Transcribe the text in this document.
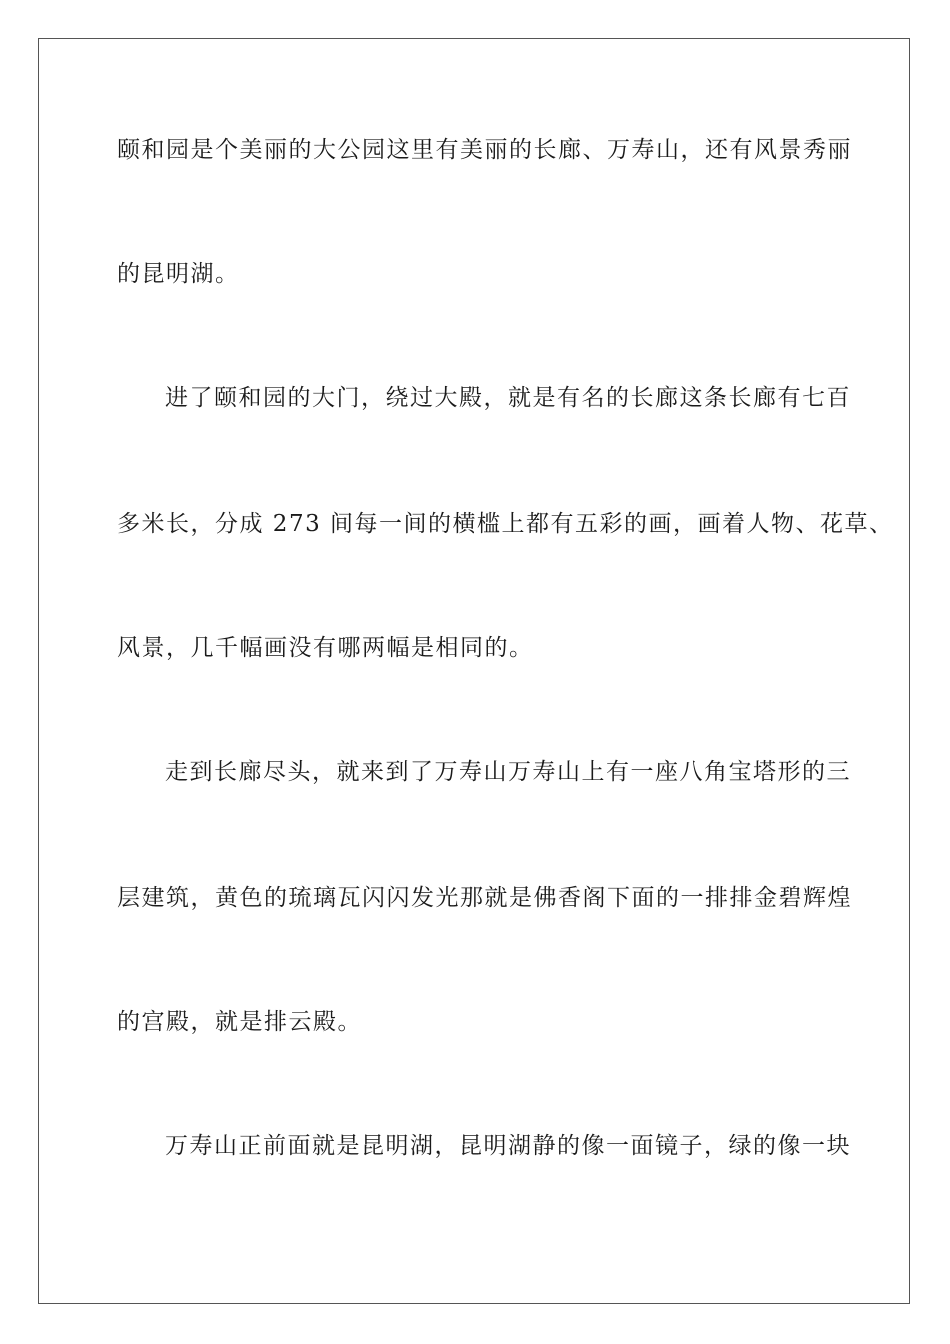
颐和园是个美丽的大公园这里有美丽的长廊、万寿山，还有风景秀丽
的昆明湖。
进了颐和园的大门，绕过大殿，就是有名的长廊这条长廊有七百
多米长，分成 273 间每一间的横槛上都有五彩的画，画着人物、花草、
风景，几千幅画没有哪两幅是相同的。
走到长廊尽头，就来到了万寿山万寿山上有一座八角宝塔形的三
层建筑，黄色的琉璃瓦闪闪发光那就是佛香阁下面的一排排金碧辉煌
的宫殿，就是排云殿。
万寿山正前面就是昆明湖，昆明湖静的像一面镜子，绿的像一块
